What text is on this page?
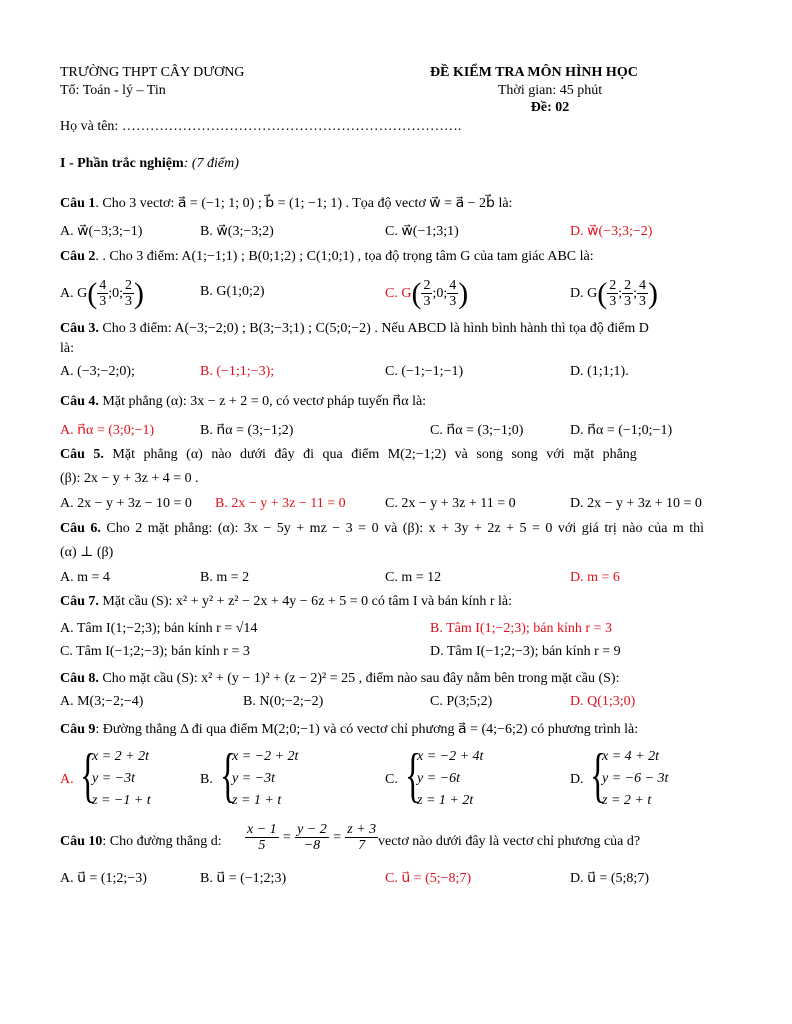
TRƯỜNG THPT CÂY DƯƠNG
Tổ: Toán - lý – Tin
ĐỀ KIỂM TRA MÔN HÌNH HỌC
Thời gian: 45 phút
Đề: 02
Họ và tên: ……………………………………………………………….
I - Phần trắc nghiệm: (7 điểm)
Câu 1. Cho 3 vectơ: a⃗ = (−1; 1; 0) ; b⃗ = (1; −1; 1) . Tọa độ vectơ w⃗ = a⃗ − 2b⃗ là:
A. w⃗(−3;3;−1)	B. w⃗(3;−3;2)	C. w⃗(−1;3;1)	D. w⃗(−3;3;−2)
Câu 2. . Cho 3 điểm: A(1;−1;1) ; B(0;1;2) ; C(1;0;1) , tọa độ trọng tâm G của tam giác ABC là:
A. $G( \frac{4}{3}$ ;0; $\frac{2}{3}$ )	B. G(1;0;2)	C. $G( \frac{2}{3}$ ;0; $\frac{4}{3}$ )	D. $G( \frac{2}{3}$ ; $\frac{2}{3}$ ; $\frac{4}{3}$ )
Câu 3. Cho 3 điểm: A(−3;−2;0) ; B(3;−3;1) ; C(5;0;−2) . Nếu ABCD là hình bình hành thì tọa độ điểm D
là:
A. (−3;−2;0);	B. (−1;1;−3);	C. (−1;−1;−1)	D. (1;1;1).
Câu 4. Mặt phẳng (α): 3x − z + 2 = 0, có vectơ pháp tuyến n⃗α là:
A. n⃗α = (3;0;−1)	B. n⃗α = (3;−1;2)	C. n⃗α = (3;−1;0)	D. n⃗α = (−1;0;−1)
Câu 5. Mặt phẳng (α) nào dưới đây đi qua điểm M(2;−1;2) và song song với mặt phẳng
(β): 2x − y + 3z + 4 = 0 .
A. 2x − y + 3z − 10 = 0 B. 2x − y + 3z − 11 = 0	C. 2x − y + 3z + 11 = 0	D. 2x − y + 3z + 10 = 0
Câu 6. Cho 2 mặt phẳng: (α): 3x − 5y + mz − 3 = 0 và (β): x + 3y + 2z + 5 = 0 với giá trị nào của m thì
(α) ⊥ (β)
A. m = 4	B. m = 2	C. m = 12	D. m = 6
Câu 7. Mặt cầu (S): x² + y² + z² − 2x + 4y − 6z + 5 = 0 có tâm I và bán kính r là:
A. Tâm I(1;−2;3); bán kính r = √14	B. Tâm I(1;−2;3); bán kính r = 3
C. Tâm I(−1;2;−3); bán kính r = 3	D. Tâm I(−1;2;−3); bán kính r = 9
Câu 8. Cho mặt cầu (S): x² + (y − 1)² + (z − 2)² = 25 , điểm nào sau đây nằm bên trong mặt cầu (S):
A. M(3;−2;−4)	B. N(0;−2;−2)	C. P(3;5;2)	D. Q(1;3;0)
Câu 9: Đường thẳng Δ đi qua điểm M(2;0;−1) và có vectơ chỉ phương a⃗ = (4;−6;2) có phương trình là:
A. {
x = 2 + 2t
y = −3t
z = −1 + t
B. {
x = −2 + 2t
y = −3t
z = 1 + t
C. {
x = −2 + 4t
y = −6t
z = 1 + 2t
D. {
x = 4 + 2t
y = −6 − 3t
z = 2 + t
Câu 10: Cho đường thẳng d: $\frac{x - 1}{5} = \frac{y - 2}{-8} = \frac{z + 3}{7}$ vectơ nào dưới đây là vectơ chỉ phương của d?
A. u⃗ = (1;2;−3)	B. u⃗ = (−1;2;3)	C. u⃗ = (5;−8;7)	D. u⃗ = (5;8;7)
